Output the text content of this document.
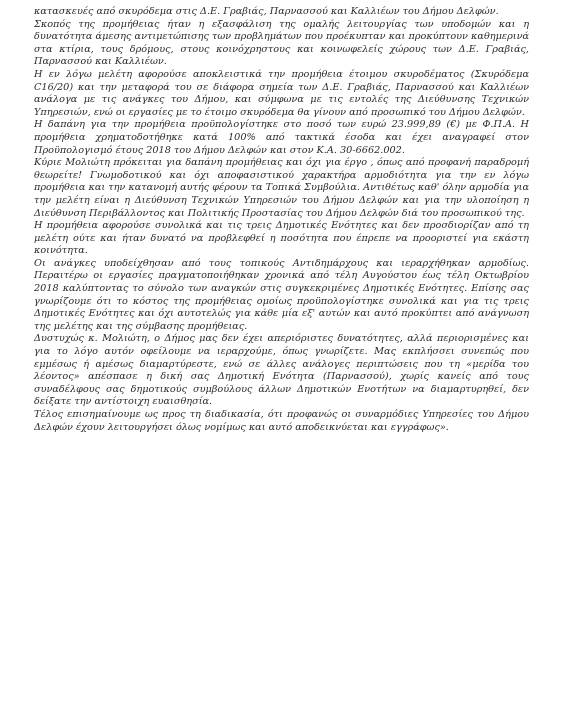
κατασκευές από σκυρόδεμα στις Δ.Ε. Γραβιάς, Παρνασσού και Καλλιέων του Δήμου Δελφών.

Σκοπός της προμήθειας ήταν η εξασφάλιση της ομαλής λειτουργίας των υποδομών και η δυνατότητα άμεσης αντιμετώπισης των προβλημάτων που προέκυπταν και προκύπτουν καθημερινά στα κτίρια, τους δρόμους, στους κοινόχρηστους και κοινωφελείς χώρους των Δ.Ε. Γραβιάς, Παρνασσού και Καλλιέων.

Η εν λόγω μελέτη αφορούσε αποκλειστικά την προμήθεια έτοιμου σκυροδέματος (Σκυρόδεμα C16/20) και την μεταφορά του σε διάφορα σημεία των Δ.Ε. Γραβιάς, Παρνασσού και Καλλιέων ανάλογα με τις ανάγκες του Δήμου, και σύμφωνα με τις εντολές της Διεύθυνσης Τεχνικών Υπηρεσιών, ενώ οι εργασίες με το έτοιμο σκυρόδεμα θα γίνουν από προσωπικό του Δήμου Δελφών.

Η δαπάνη για την προμήθεια προϋπολογίστηκε στο ποσό των ευρώ 23.999,89 (€) με Φ.Π.Α. Η προμήθεια χρηματοδοτήθηκε κατά 100% από τακτικά έσοδα και έχει αναγραφεί στον Προϋπολογισμό έτους 2018 του Δήμου Δελφών και στον Κ.Α. 30-6662.002.

Κύριε Μολιώτη πρόκειται για δαπάνη προμήθειας και όχι για έργο , όπως από προφανή παραδρομή θεωρείτε! Γνωμοδοτικού και όχι αποφασιστικού χαρακτήρα αρμοδιότητα για την εν λόγω προμήθεια και την κατανομή αυτής φέρουν τα Τοπικά Συμβούλια. Αντιθέτως καθ' όλην αρμοδία για την μελέτη είναι η Διεύθυνση Τεχνικών Υπηρεσιών του Δήμου Δελφών και για την υλοποίηση η Διεύθυνση Περιβάλλοντος και Πολιτικής Προστασίας του Δήμου Δελφών διά του προσωπικού της.

Η προμήθεια αφορούσε συνολικά και τις τρεις Δημοτικές Ενότητες και δεν προσδιορίζαν από τη μελέτη ούτε και ήταν δυνατό να προβλεφθεί η ποσότητα που έπρεπε να προοριστεί για εκάστη κοινότητα.

Οι ανάγκες υποδείχθησαν από τους τοπικούς Αντιδημάρχους και ιεραρχήθηκαν αρμοδίως. Περαιτέρω οι εργασίες πραγματοποιήθηκαν χρονικά από τέλη Αυγούστου έως τέλη Οκτωβρίου 2018 καλύπτοντας το σύνολο των αναγκών στις συγκεκριμένες Δημοτικές Ενότητες. Επίσης σας γνωρίζουμε ότι το κόστος της προμήθειας ομοίως προϋπολογίστηκε συνολικά και για τις τρεις Δημοτικές Ενότητες και όχι αυτοτελώς για κάθε μία εξ' αυτών και αυτό προκύπτει από ανάγνωση της μελέτης και της σύμβασης προμήθειας.

Δυστυχώς κ. Μολιώτη, ο Δήμος μας δεν έχει απεριόριστες δυνατότητες, αλλά περιορισμένες και για το λόγο αυτόν οφείλουμε να ιεραρχούμε, όπως γνωρίζετε. Μας εκπλήσσει συνεπώς που εμμέσως ή αμέσως διαμαρτύρεστε, ενώ σε άλλες ανάλογες περιπτώσεις που τη «μερίδα του λέοντος» απέσπασε η δική σας Δημοτική Ενότητα (Παρνασσού), χωρίς κανείς από τους συναδέλφους σας δημοτικούς συμβούλους άλλων Δημοτικών Ενοτήτων να διαμαρτυρηθεί, δεν δείξατε την αντίστοιχη ευαισθησία.

Τέλος επισημαίνουμε ως προς τη διαδικασία, ότι προφανώς οι συναρμόδιες Υπηρεσίες του Δήμου Δελφών έχουν λειτουργήσει όλως νομίμως και αυτό αποδεικνύεται και εγγράφως».
